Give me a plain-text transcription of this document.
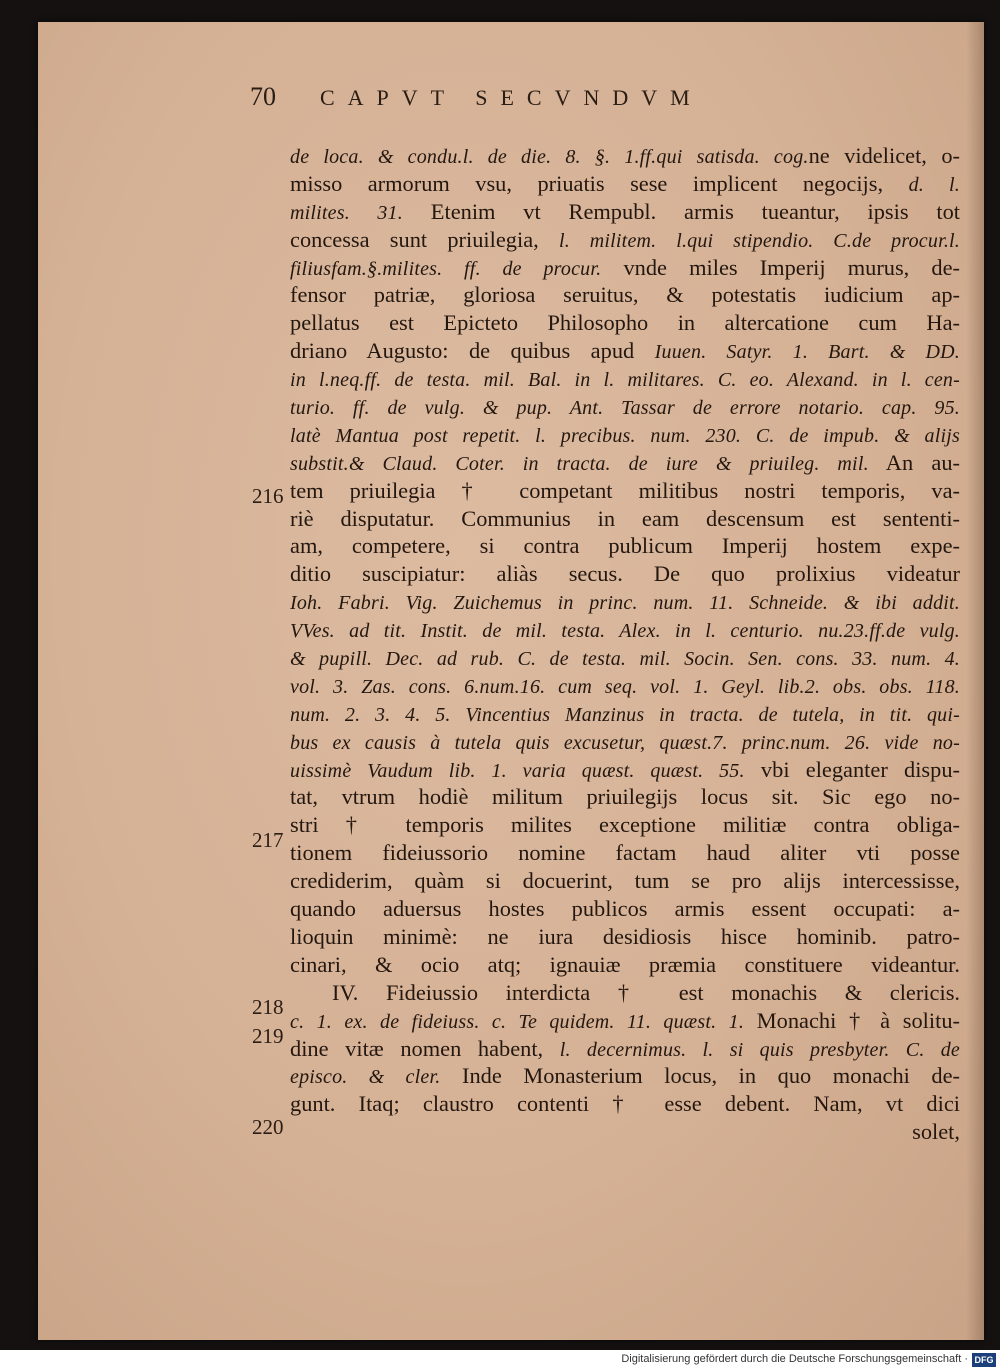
70	CAPVT SECVNDVM
216
217
218
219
220
de loca. & condu.l. de die. 8. §. 1.ff.qui satisda. cog.ne videlicet, o-
misso armorum vsu, priuatis sese implicent negocijs, d. l.
milites. 31. Etenim vt Rempubl. armis tueantur, ipsis tot
concessa sunt priuilegia, l. militem. l.qui stipendio. C.de procur.l.
filiusfam.§.milites. ff. de procur. vnde miles Imperij murus, de-
fensor patriæ, gloriosa seruitus, & potestatis iudicium ap-
pellatus est Epicteto Philosopho in altercatione cum Ha-
driano Augusto: de quibus apud Iuuen. Satyr. 1. Bart. & DD.
in l.neq.ff. de testa. mil. Bal. in l. militares. C. eo. Alexand. in l. cen-
turio. ff. de vulg. & pup. Ant. Tassar de errore notario. cap. 95.
latè Mantua post repetit. l. precibus. num. 230. C. de impub. & alijs
substit.& Claud. Coter. in tracta. de iure & priuileg. mil. An au-
tem priuilegia † competant militibus nostri temporis, va-
riè disputatur. Communius in eam descensum est sententi-
am, competere, si contra publicum Imperij hostem expe-
ditio suscipiatur: aliàs secus. De quo prolixius videatur
Ioh. Fabri. Vig. Zuichemus in princ. num. 11. Schneide. & ibi addit.
VVes. ad tit. Instit. de mil. testa. Alex. in l. centurio. nu.23.ff.de vulg.
& pupill. Dec. ad rub. C. de testa. mil. Socin. Sen. cons. 33. num. 4.
vol. 3. Zas. cons. 6.num.16. cum seq. vol. 1. Geyl. lib.2. obs. obs. 118.
num. 2. 3. 4. 5. Vincentius Manzinus in tracta. de tutela, in tit. qui-
bus ex causis à tutela quis excusetur, quæst.7. princ.num. 26. vide no-
uissimè Vaudum lib. 1. varia quæst. quæst. 55. vbi eleganter dispu-
tat, vtrum hodiè militum priuilegijs locus sit. Sic ego no-
stri † temporis milites exceptione militiæ contra obliga-
tionem fideiussorio nomine factam haud aliter vti posse
crediderim, quàm si docuerint, tum se pro alijs intercessisse,
quando aduersus hostes publicos armis essent occupati: a-
lioquin minimè: ne iura desidiosis hisce hominib. patro-
cinari, & ocio atq; ignauiæ præmia constituere videantur.
IV. Fideiussio interdicta † est monachis & clericis.
c. 1. ex. de fideiuss. c. Te quidem. 11. quæst. 1. Monachi † à solitu-
dine vitæ nomen habent, l. decernimus. l. si quis presbyter. C. de
episco. & cler. Inde Monasterium locus, in quo monachi de-
gunt. Itaq; claustro contenti † esse debent. Nam, vt dici
solet,
Digitalisierung gefördert durch die Deutsche Forschungsgemeinschaft · DFG
